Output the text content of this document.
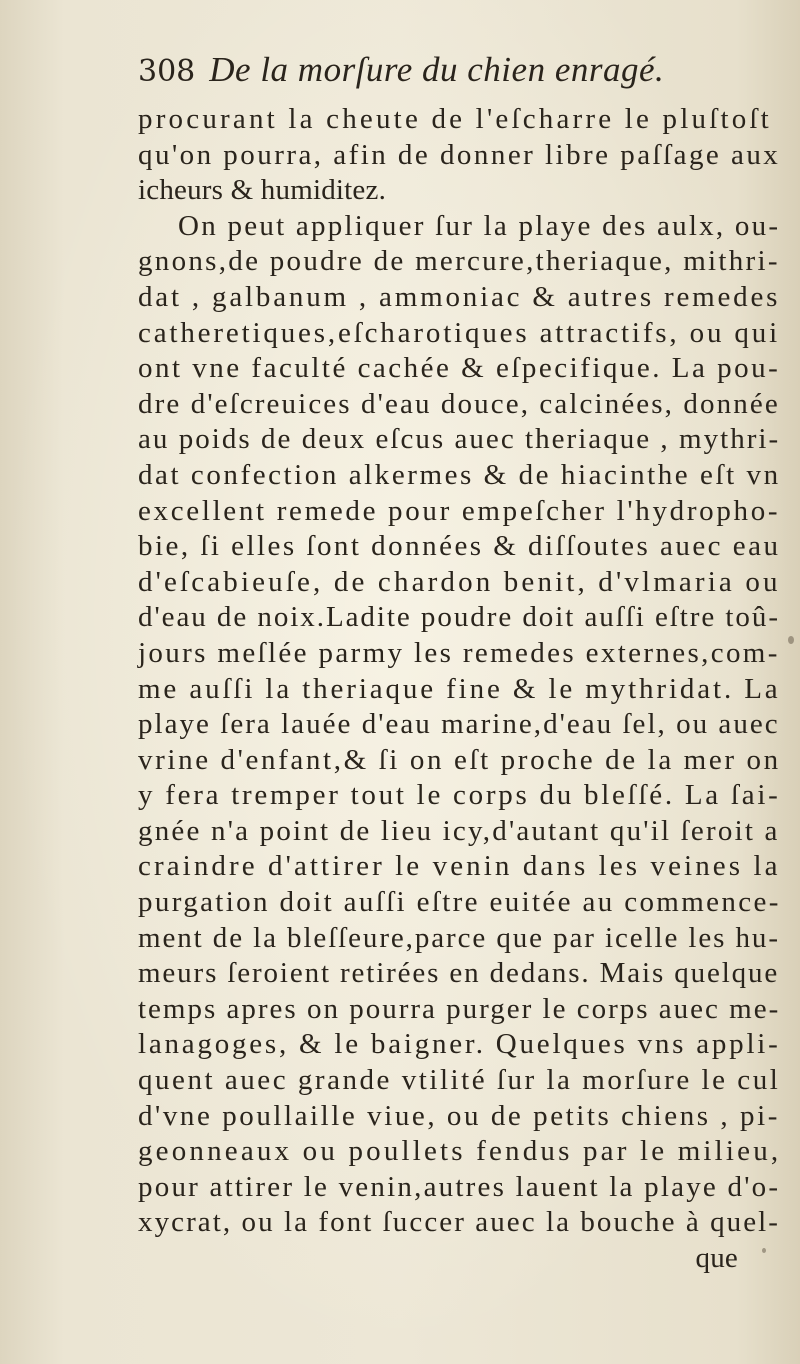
308 De la morſure du chien enragé.
procurant la cheute de l'eſcharre le pluſtoſt
qu'on pourra, afin de donner libre paſſage aux
icheurs & humiditez.
On peut appliquer ſur la playe des aulx, ou-
gnons,de poudre de mercure,theriaque, mithri-
dat , galbanum , ammoniac & autres remedes
catheretiques,eſcharotiques attractifs, ou qui
ont vne faculté cachée & eſpecifique. La pou-
dre d'eſcreuices d'eau douce, calcinées, donnée
au poids de deux eſcus auec theriaque , mythri-
dat confection alkermes & de hiacinthe eſt vn
excellent remede pour empeſcher l'hydropho-
bie, ſi elles ſont données & diſſoutes auec eau
d'eſcabieuſe, de chardon benit, d'vlmaria ou
d'eau de noix.Ladite poudre doit auſſi eſtre toû-
jours meſlée parmy les remedes externes,com-
me auſſi la theriaque fine & le mythridat. La
playe ſera lauée d'eau marine,d'eau ſel, ou auec
vrine d'enfant,& ſi on eſt proche de la mer on
y fera tremper tout le corps du bleſſé. La ſai-
gnée n'a point de lieu icy,d'autant qu'il ſeroit a
craindre d'attirer le venin dans les veines la
purgation doit auſſi eſtre euitée au commence-
ment de la bleſſeure,parce que par icelle les hu-
meurs ſeroient retirées en dedans. Mais quelque
temps apres on pourra purger le corps auec me-
lanagoges, & le baigner. Quelques vns appli-
quent auec grande vtilité ſur la morſure le cul
d'vne poullaille viue, ou de petits chiens , pi-
geonneaux ou poullets fendus par le milieu,
pour attirer le venin,autres lauent la playe d'o-
xycrat, ou la font ſuccer auec la bouche à quel-
que
